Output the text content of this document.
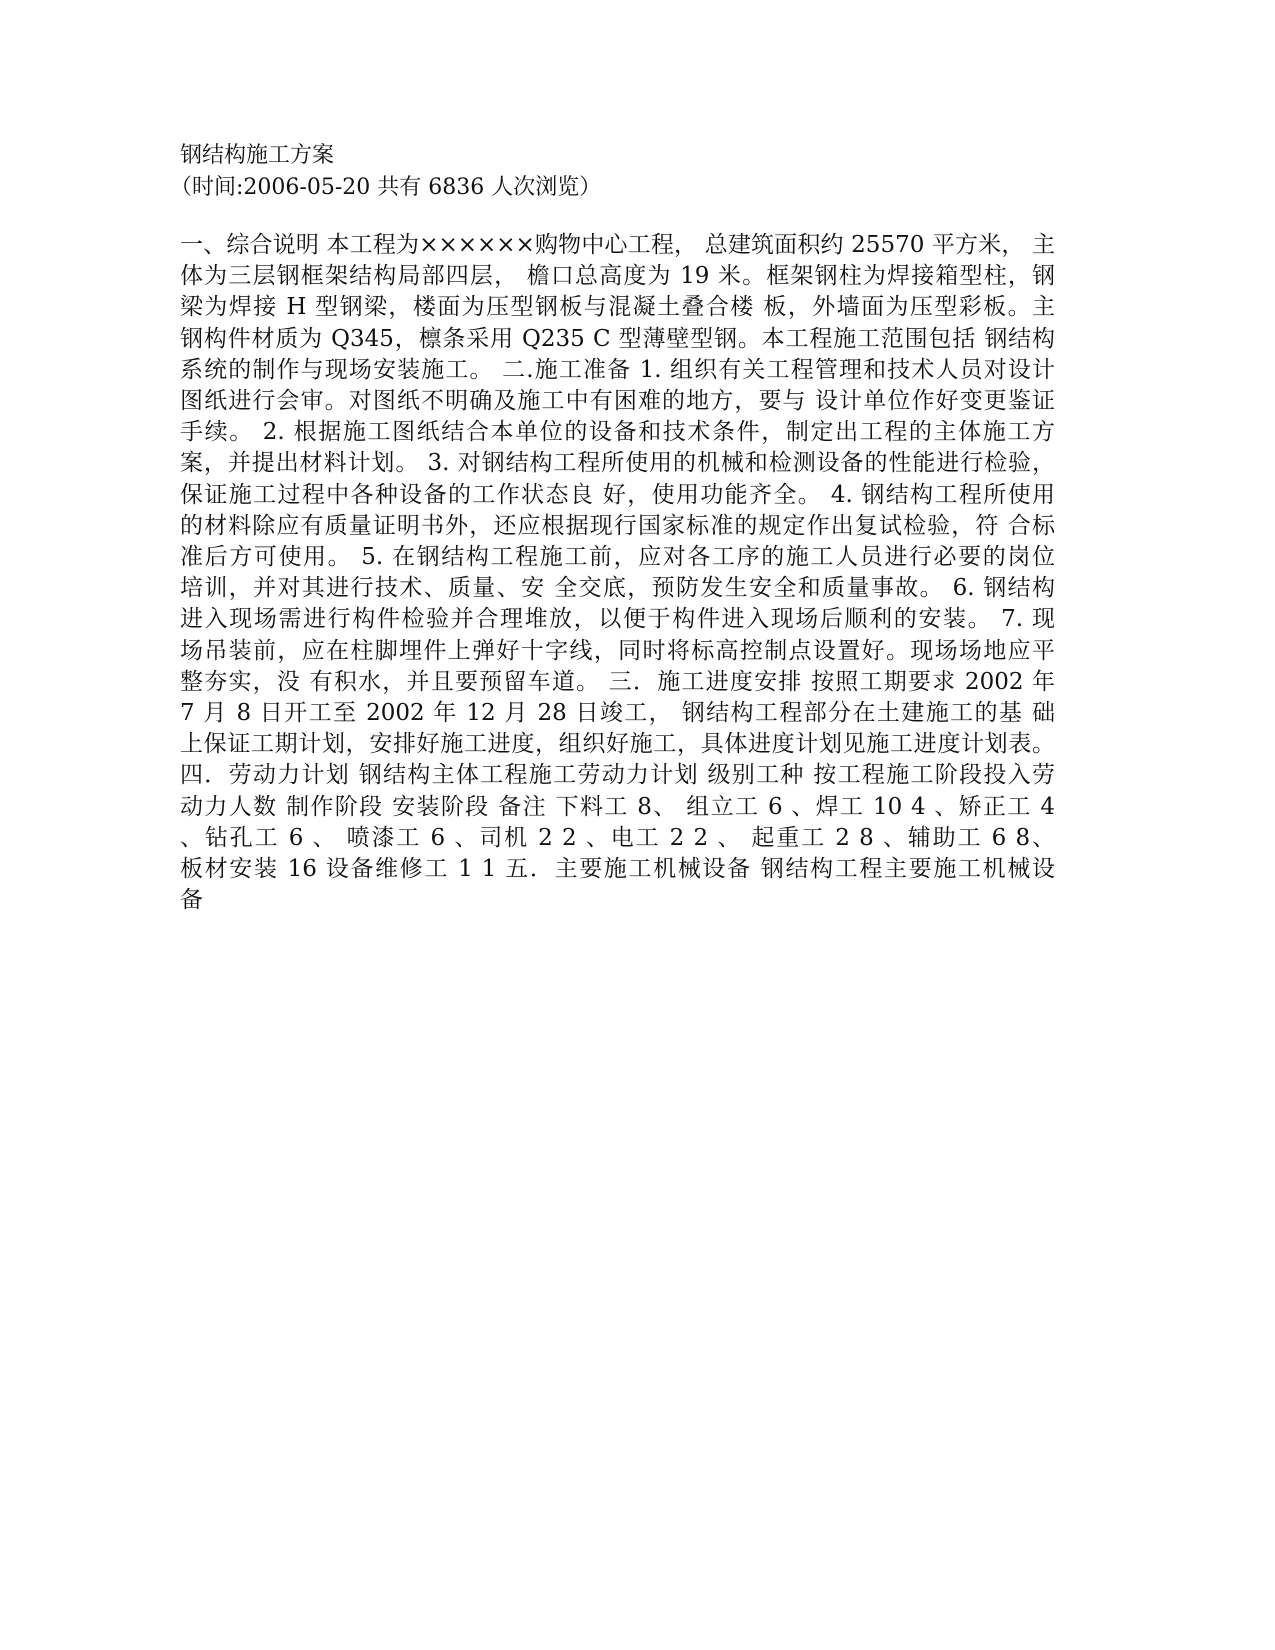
钢结构施工方案
（时间:2006-05-20 共有 6836 人次浏览）
一、综合说明 本工程为××××××购物中心工程， 总建筑面积约 25570 平方米， 主
体为三层钢框架结构局部四层， 檐口总高度为 19 米。框架钢柱为焊接箱型柱，钢
梁为焊接 H 型钢梁，楼面为压型钢板与混凝土叠合楼 板，外墙面为压型彩板。主
钢构件材质为 Q345，檩条采用 Q235 C 型薄壁型钢。本工程施工范围包括 钢结构
系统的制作与现场安装施工。 二.施工准备 1. 组织有关工程管理和技术人员对设计
图纸进行会审。对图纸不明确及施工中有困难的地方，要与 设计单位作好变更鉴证
手续。 2. 根据施工图纸结合本单位的设备和技术条件，制定出工程的主体施工方
案，并提出材料计划。 3. 对钢结构工程所使用的机械和检测设备的性能进行检验，
保证施工过程中各种设备的工作状态良 好，使用功能齐全。 4. 钢结构工程所使用
的材料除应有质量证明书外，还应根据现行国家标准的规定作出复试检验，符 合标
准后方可使用。 5. 在钢结构工程施工前，应对各工序的施工人员进行必要的岗位
培训，并对其进行技术、质量、安 全交底，预防发生安全和质量事故。 6. 钢结构
进入现场需进行构件检验并合理堆放，以便于构件进入现场后顺利的安装。 7. 现
场吊装前，应在柱脚埋件上弹好十字线，同时将标高控制点设置好。现场场地应平
整夯实，没 有积水，并且要预留车道。 三．施工进度安排 按照工期要求 2002 年
7 月 8 日开工至 2002 年 12 月 28 日竣工， 钢结构工程部分在土建施工的基 础
上保证工期计划，安排好施工进度，组织好施工，具体进度计划见施工进度计划表。
四．劳动力计划 钢结构主体工程施工劳动力计划 级别工种 按工程施工阶段投入劳
动力人数 制作阶段 安装阶段 备注 下料工 8、 组立工 6 、焊工 10 4 、矫正工 4
、钻孔工 6 、 喷漆工 6 、司机 2 2 、电工 2 2 、 起重工 2 8 、辅助工 6 8、
板材安装 16 设备维修工 1 1 五．主要施工机械设备 钢结构工程主要施工机械设
备
